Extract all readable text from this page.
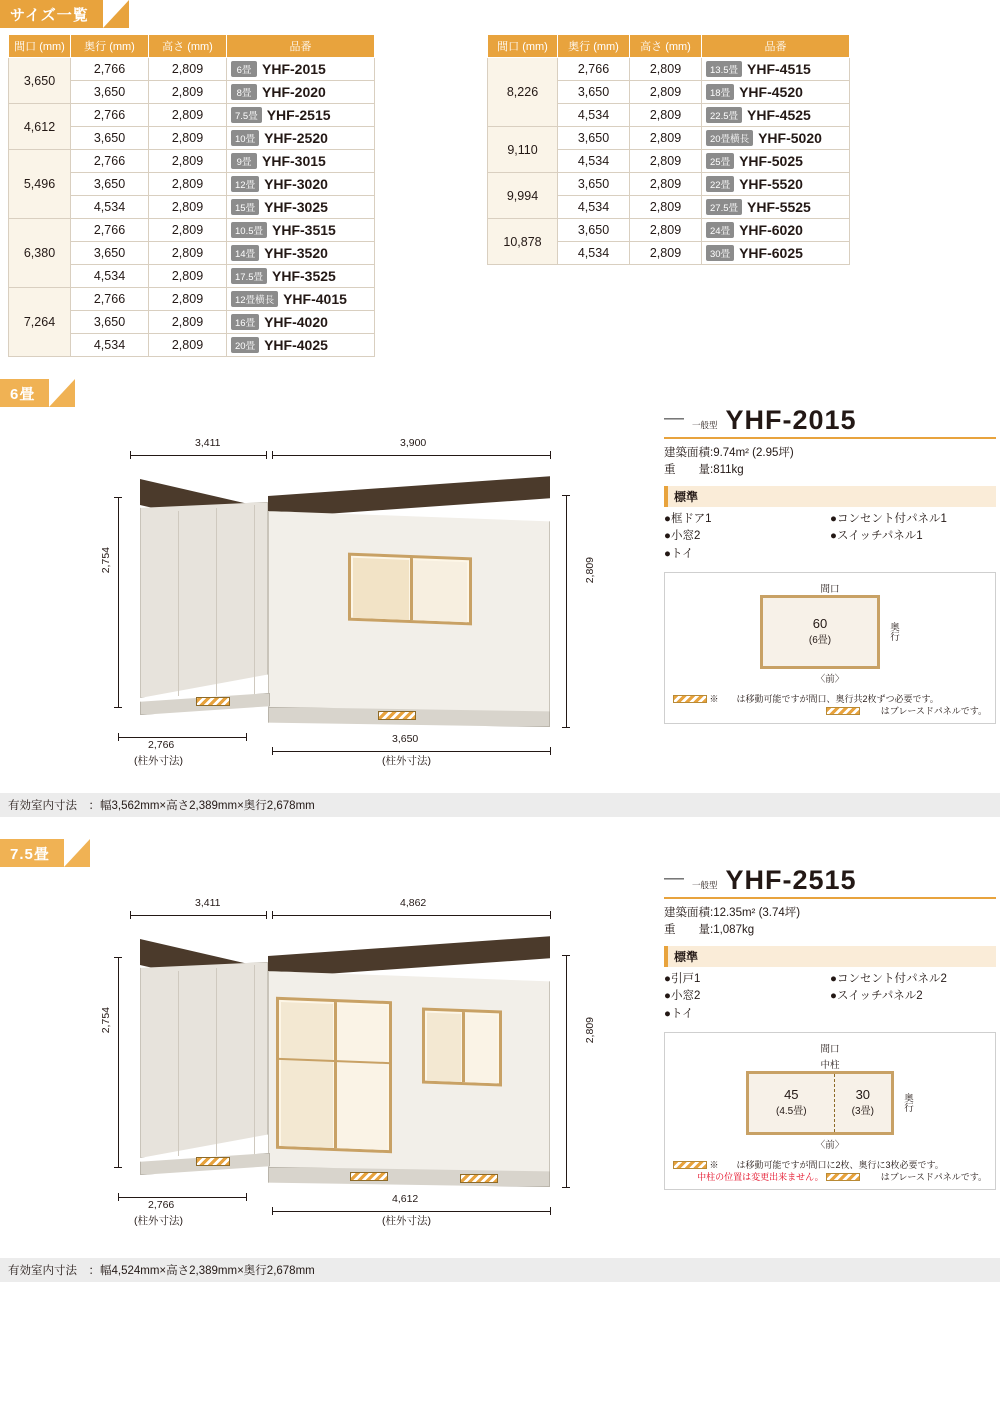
サイズ一覧
間口 (mm)	奥行 (mm)	高さ (mm)	品番
3,650	2,766	2,809	6畳 YHF-2015

	3,650	2,809	8畳 YHF-2020

4,612	2,766	2,809	7.5畳 YHF-2515

	3,650	2,809	10畳 YHF-2520

5,496	2,766	2,809	9畳 YHF-3015

	3,650	2,809	12畳 YHF-3020

	4,534	2,809	15畳 YHF-3025

6,380	2,766	2,809	10.5畳 YHF-3515

	3,650	2,809	14畳 YHF-3520

	4,534	2,809	17.5畳 YHF-3525

7,264	2,766	2,809	12畳横長 YHF-4015

	3,650	2,809	16畳 YHF-4020

	4,534	2,809	20畳 YHF-4025
間口 (mm)	奥行 (mm)	高さ (mm)	品番
8,226	2,766	2,809	13.5畳 YHF-4515

	3,650	2,809	18畳 YHF-4520

	4,534	2,809	22.5畳 YHF-4525

9,110	3,650	2,809	20畳横長 YHF-5020

	4,534	2,809	25畳 YHF-5025

9,994	3,650	2,809	22畳 YHF-5520

	4,534	2,809	27.5畳 YHF-5525

10,878	3,650	2,809	24畳 YHF-6020

	4,534	2,809	30畳 YHF-6025
6畳
3,411	3,900
2,754	2,809
2,766
(柱外寸法)
3,650
(柱外寸法)
— 一般型 YHF-2015
建築面積:9.74m² (2.95坪)
重　　量:811kg
標準
●框ドア1	●コンセント付パネル1
●小窓2	●スイッチパネル1
●トイ
間口
60
(6畳)	奥行
〈前〉
※　　は移動可能ですが間口、奥行共2枚ずつ必要です。
　　はブレースドパネルです。
有効室内寸法　：幅3,562mm×高さ2,389mm×奥行2,678mm
7.5畳
3,411	4,862
2,754	2,809
2,766
(柱外寸法)
4,612
(柱外寸法)
— 一般型 YHF-2515
建築面積:12.35m² (3.74坪)
重　　量:1,087kg
標準
●引戸1	●コンセント付パネル2
●小窓2	●スイッチパネル2
●トイ
間口
中柱
45
(4.5畳)
30
(3畳)	奥行
〈前〉
※　　は移動可能ですが間口に2枚、奥行に3枚必要です。
中柱の位置は変更出来ません。	　　はブレースドパネルです。
有効室内寸法　：幅4,524mm×高さ2,389mm×奥行2,678mm
